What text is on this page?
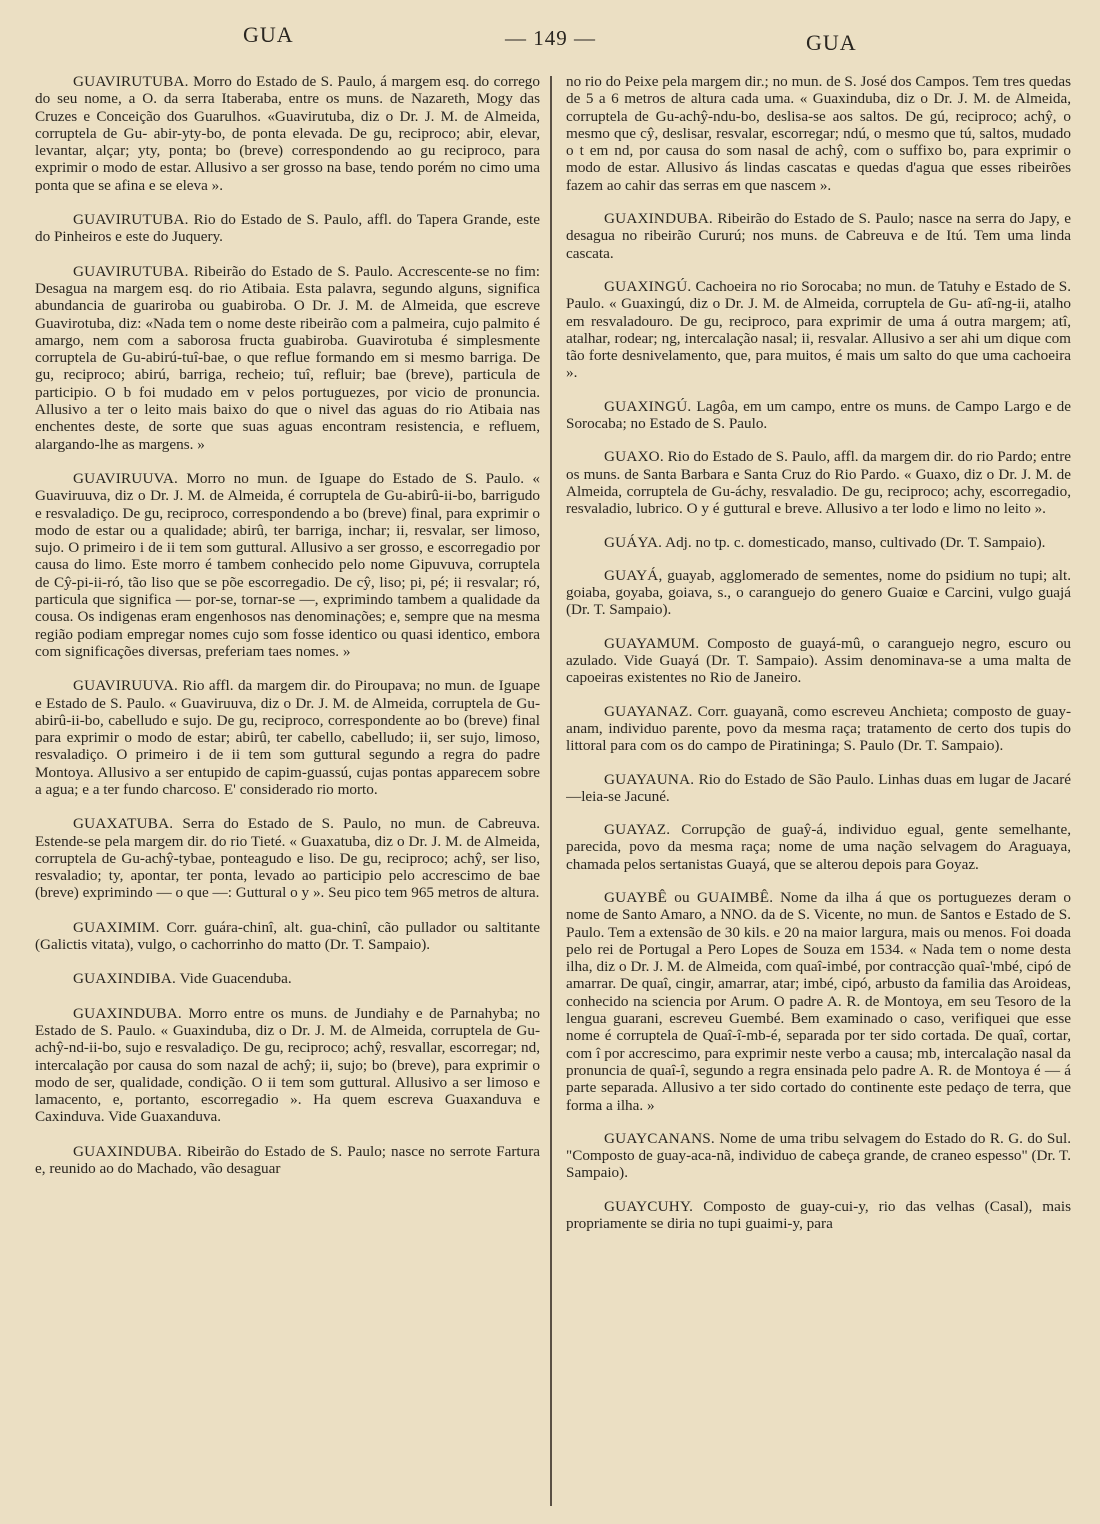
GUA	— 149 —	GUA

GUAVIRUTUBA. Morro do Estado de S. Paulo, á margem esq. do corrego do seu nome, a O. da serra Itaberaba, entre os muns. de Nazareth, Mogy das Cruzes e Conceição dos Guarulhos. «Guavirutuba, diz o Dr. J. M. de Almeida, corruptela de Gu- abir-yty-bo, de ponta elevada. De gu, reciproco; abir, elevar, levantar, alçar; yty, ponta; bo (breve) correspondendo ao gu reciproco, para exprimir o modo de estar. Allusivo a ser grosso na base, tendo porém no cimo uma ponta que se afina e se eleva ».

GUAVIRUTUBA. Rio do Estado de S. Paulo, affl. do Tapera Grande, este do Pinheiros e este do Juquery.

GUAVIRUTUBA. Ribeirão do Estado de S. Paulo. Accrescente-se no fim: Desagua na margem esq. do rio Atibaia. Esta palavra, segundo alguns, significa abundancia de guariroba ou guabiroba. O Dr. J. M. de Almeida, que escreve Guavirotuba, diz: «Nada tem o nome deste ribeirão com a palmeira, cujo palmito é amargo, nem com a saborosa fructa guabiroba. Guavirotuba é simplesmente corruptela de Gu-abirú-tuî-bae, o que reflue formando em si mesmo barriga. De gu, reciproco; abirú, barriga, recheio; tuî, refluir; bae (breve), particula de participio. O b foi mudado em v pelos portuguezes, por vicio de pronuncia. Allusivo a ter o leito mais baixo do que o nivel das aguas do rio Atibaia nas enchentes deste, de sorte que suas aguas encontram resistencia, e refluem, alargando-lhe as margens. »

GUAVIRUUVA. Morro no mun. de Iguape do Estado de S. Paulo. « Guaviruuva, diz o Dr. J. M. de Almeida, é corruptela de Gu-abirû-ii-bo, barrigudo e resvaladiço. De gu, reciproco, correspondendo a bo (breve) final, para exprimir o modo de estar ou a qualidade; abirû, ter barriga, inchar; ii, resvalar, ser limoso, sujo. O primeiro i de ii tem som guttural. Allusivo a ser grosso, e escorregadio por causa do limo. Este morro é tambem conhecido pelo nome Gipuvuva, corruptela de Cŷ-pi-ii-ró, tão liso que se põe escorregadio. De cŷ, liso; pi, pé; ii resvalar; ró, particula que significa — por-se, tornar-se —, exprimindo tambem a qualidade da cousa. Os indigenas eram engenhosos nas denominações; e, sempre que na mesma região podiam empregar nomes cujo som fosse identico ou quasi identico, embora com significações diversas, preferiam taes nomes. »

GUAVIRUUVA. Rio affl. da margem dir. do Piroupava; no mun. de Iguape e Estado de S. Paulo. « Guaviruuva, diz o Dr. J. M. de Almeida, corruptela de Gu-abirû-ii-bo, cabelludo e sujo. De gu, reciproco, correspondente ao bo (breve) final para exprimir o modo de estar; abirû, ter cabello, cabelludo; ii, ser sujo, limoso, resvaladiço. O primeiro i de ii tem som guttural segundo a regra do padre Montoya. Allusivo a ser entupido de capim-guassú, cujas pontas apparecem sobre a agua; e a ter fundo charcoso. E' considerado rio morto.

GUAXATUBA. Serra do Estado de S. Paulo, no mun. de Cabreuva. Estende-se pela margem dir. do rio Tieté. « Guaxatuba, diz o Dr. J. M. de Almeida, corruptela de Gu-achŷ-tybae, ponteagudo e liso. De gu, reciproco; achŷ, ser liso, resvaladio; ty, apontar, ter ponta, levado ao participio pelo accrescimo de bae (breve) exprimindo — o que —: Guttural o y ». Seu pico tem 965 metros de altura.

GUAXIMIM. Corr. guára-chinî, alt. gua-chinî, cão pullador ou saltitante (Galictis vitata), vulgo, o cachorrinho do matto (Dr. T. Sampaio).

GUAXINDIBA. Vide Guacenduba.

GUAXINDUBA. Morro entre os muns. de Jundiahy e de Parnahyba; no Estado de S. Paulo. « Guaxinduba, diz o Dr. J. M. de Almeida, corruptela de Gu-achŷ-nd-ii-bo, sujo e resvaladiço. De gu, reciproco; achŷ, resvallar, escorregar; nd, intercalação por causa do som nazal de achŷ; ii, sujo; bo (breve), para exprimir o modo de ser, qualidade, condição. O ii tem som guttural. Allusivo a ser limoso e lamacento, e, portanto, escorregadio ». Ha quem escreva Guaxanduva e Caxinduva. Vide Guaxanduva.

GUAXINDUBA. Ribeirão do Estado de S. Paulo; nasce no serrote Fartura e, reunido ao do Machado, vão desaguar

no rio do Peixe pela margem dir.; no mun. de S. José dos Campos. Tem tres quedas de 5 a 6 metros de altura cada uma. « Guaxinduba, diz o Dr. J. M. de Almeida, corruptela de Gu-achŷ-ndu-bo, deslisa-se aos saltos. De gú, reciproco; achŷ, o mesmo que cŷ, deslisar, resvalar, escorregar; ndú, o mesmo que tú, saltos, mudado o t em nd, por causa do som nasal de achŷ, com o suffixo bo, para exprimir o modo de estar. Allusivo ás lindas cascatas e quedas d'agua que esses ribeirões fazem ao cahir das serras em que nascem ».

GUAXINDUBA. Ribeirão do Estado de S. Paulo; nasce na serra do Japy, e desagua no ribeirão Cururú; nos muns. de Cabreuva e de Itú. Tem uma linda cascata.

GUAXINGÚ. Cachoeira no rio Sorocaba; no mun. de Tatuhy e Estado de S. Paulo. « Guaxingú, diz o Dr. J. M. de Almeida, corruptela de Gu- atî-ng-ii, atalho em resvaladouro. De gu, reciproco, para exprimir de uma á outra margem; atî, atalhar, rodear; ng, intercalação nasal; ii, resvalar. Allusivo a ser ahi um dique com tão forte desnivelamento, que, para muitos, é mais um salto do que uma cachoeira ».

GUAXINGÚ. Lagôa, em um campo, entre os muns. de Campo Largo e de Sorocaba; no Estado de S. Paulo.

GUAXO. Rio do Estado de S. Paulo, affl. da margem dir. do rio Pardo; entre os muns. de Santa Barbara e Santa Cruz do Rio Pardo. « Guaxo, diz o Dr. J. M. de Almeida, corruptela de Gu-áchy, resvaladio. De gu, reciproco; achy, escorregadio, resvaladio, lubrico. O y é guttural e breve. Allusivo a ter lodo e limo no leito ».

GUÁYA. Adj. no tp. c. domesticado, manso, cultivado (Dr. T. Sampaio).

GUAYÁ, guayab, agglomerado de sementes, nome do psidium no tupi; alt. goiaba, goyaba, goiava, s., o caranguejo do genero Guaiœ e Carcini, vulgo guajá (Dr. T. Sampaio).

GUAYAMUM. Composto de guayá-mû, o caranguejo negro, escuro ou azulado. Vide Guayá (Dr. T. Sampaio). Assim denominava-se a uma malta de capoeiras existentes no Rio de Janeiro.

GUAYANAZ. Corr. guayanã, como escreveu Anchieta; composto de guay-anam, individuo parente, povo da mesma raça; tratamento de certo dos tupis do littoral para com os do campo de Piratininga; S. Paulo (Dr. T. Sampaio).

GUAYAUNA. Rio do Estado de São Paulo. Linhas duas em lugar de Jacaré—leia-se Jacuné.

GUAYAZ. Corrupção de guaŷ-á, individuo egual, gente semelhante, parecida, povo da mesma raça; nome de uma nação selvagem do Araguaya, chamada pelos sertanistas Guayá, que se alterou depois para Goyaz.

GUAYBÊ ou GUAIMBÊ. Nome da ilha á que os portuguezes deram o nome de Santo Amaro, a NNO. da de S. Vicente, no mun. de Santos e Estado de S. Paulo. Tem a extensão de 30 kils. e 20 na maior largura, mais ou menos. Foi doada pelo rei de Portugal a Pero Lopes de Souza em 1534. « Nada tem o nome desta ilha, diz o Dr. J. M. de Almeida, com quaî-imbé, por contracção quaî-'mbé, cipó de amarrar. De quaî, cingir, amarrar, atar; imbé, cipó, arbusto da familia das Aroideas, conhecido na sciencia por Arum. O padre A. R. de Montoya, em seu Tesoro de la lengua guarani, escreveu Guembé. Bem examinado o caso, verifiquei que esse nome é corruptela de Quaî-î-mb-é, separada por ter sido cortada. De quaî, cortar, com î por accrescimo, para exprimir neste verbo a causa; mb, intercalação nasal da pronuncia de quaî-î, segundo a regra ensinada pelo padre A. R. de Montoya é — á parte separada. Allusivo a ter sido cortado do continente este pedaço de terra, que forma a ilha. »

GUAYCANANS. Nome de uma tribu selvagem do Estado do R. G. do Sul. "Composto de guay-aca-nã, individuo de cabeça grande, de craneo espesso" (Dr. T. Sampaio).

GUAYCUHY. Composto de guay-cui-y, rio das velhas (Casal), mais propriamente se diria no tupi guaimi-y, para
